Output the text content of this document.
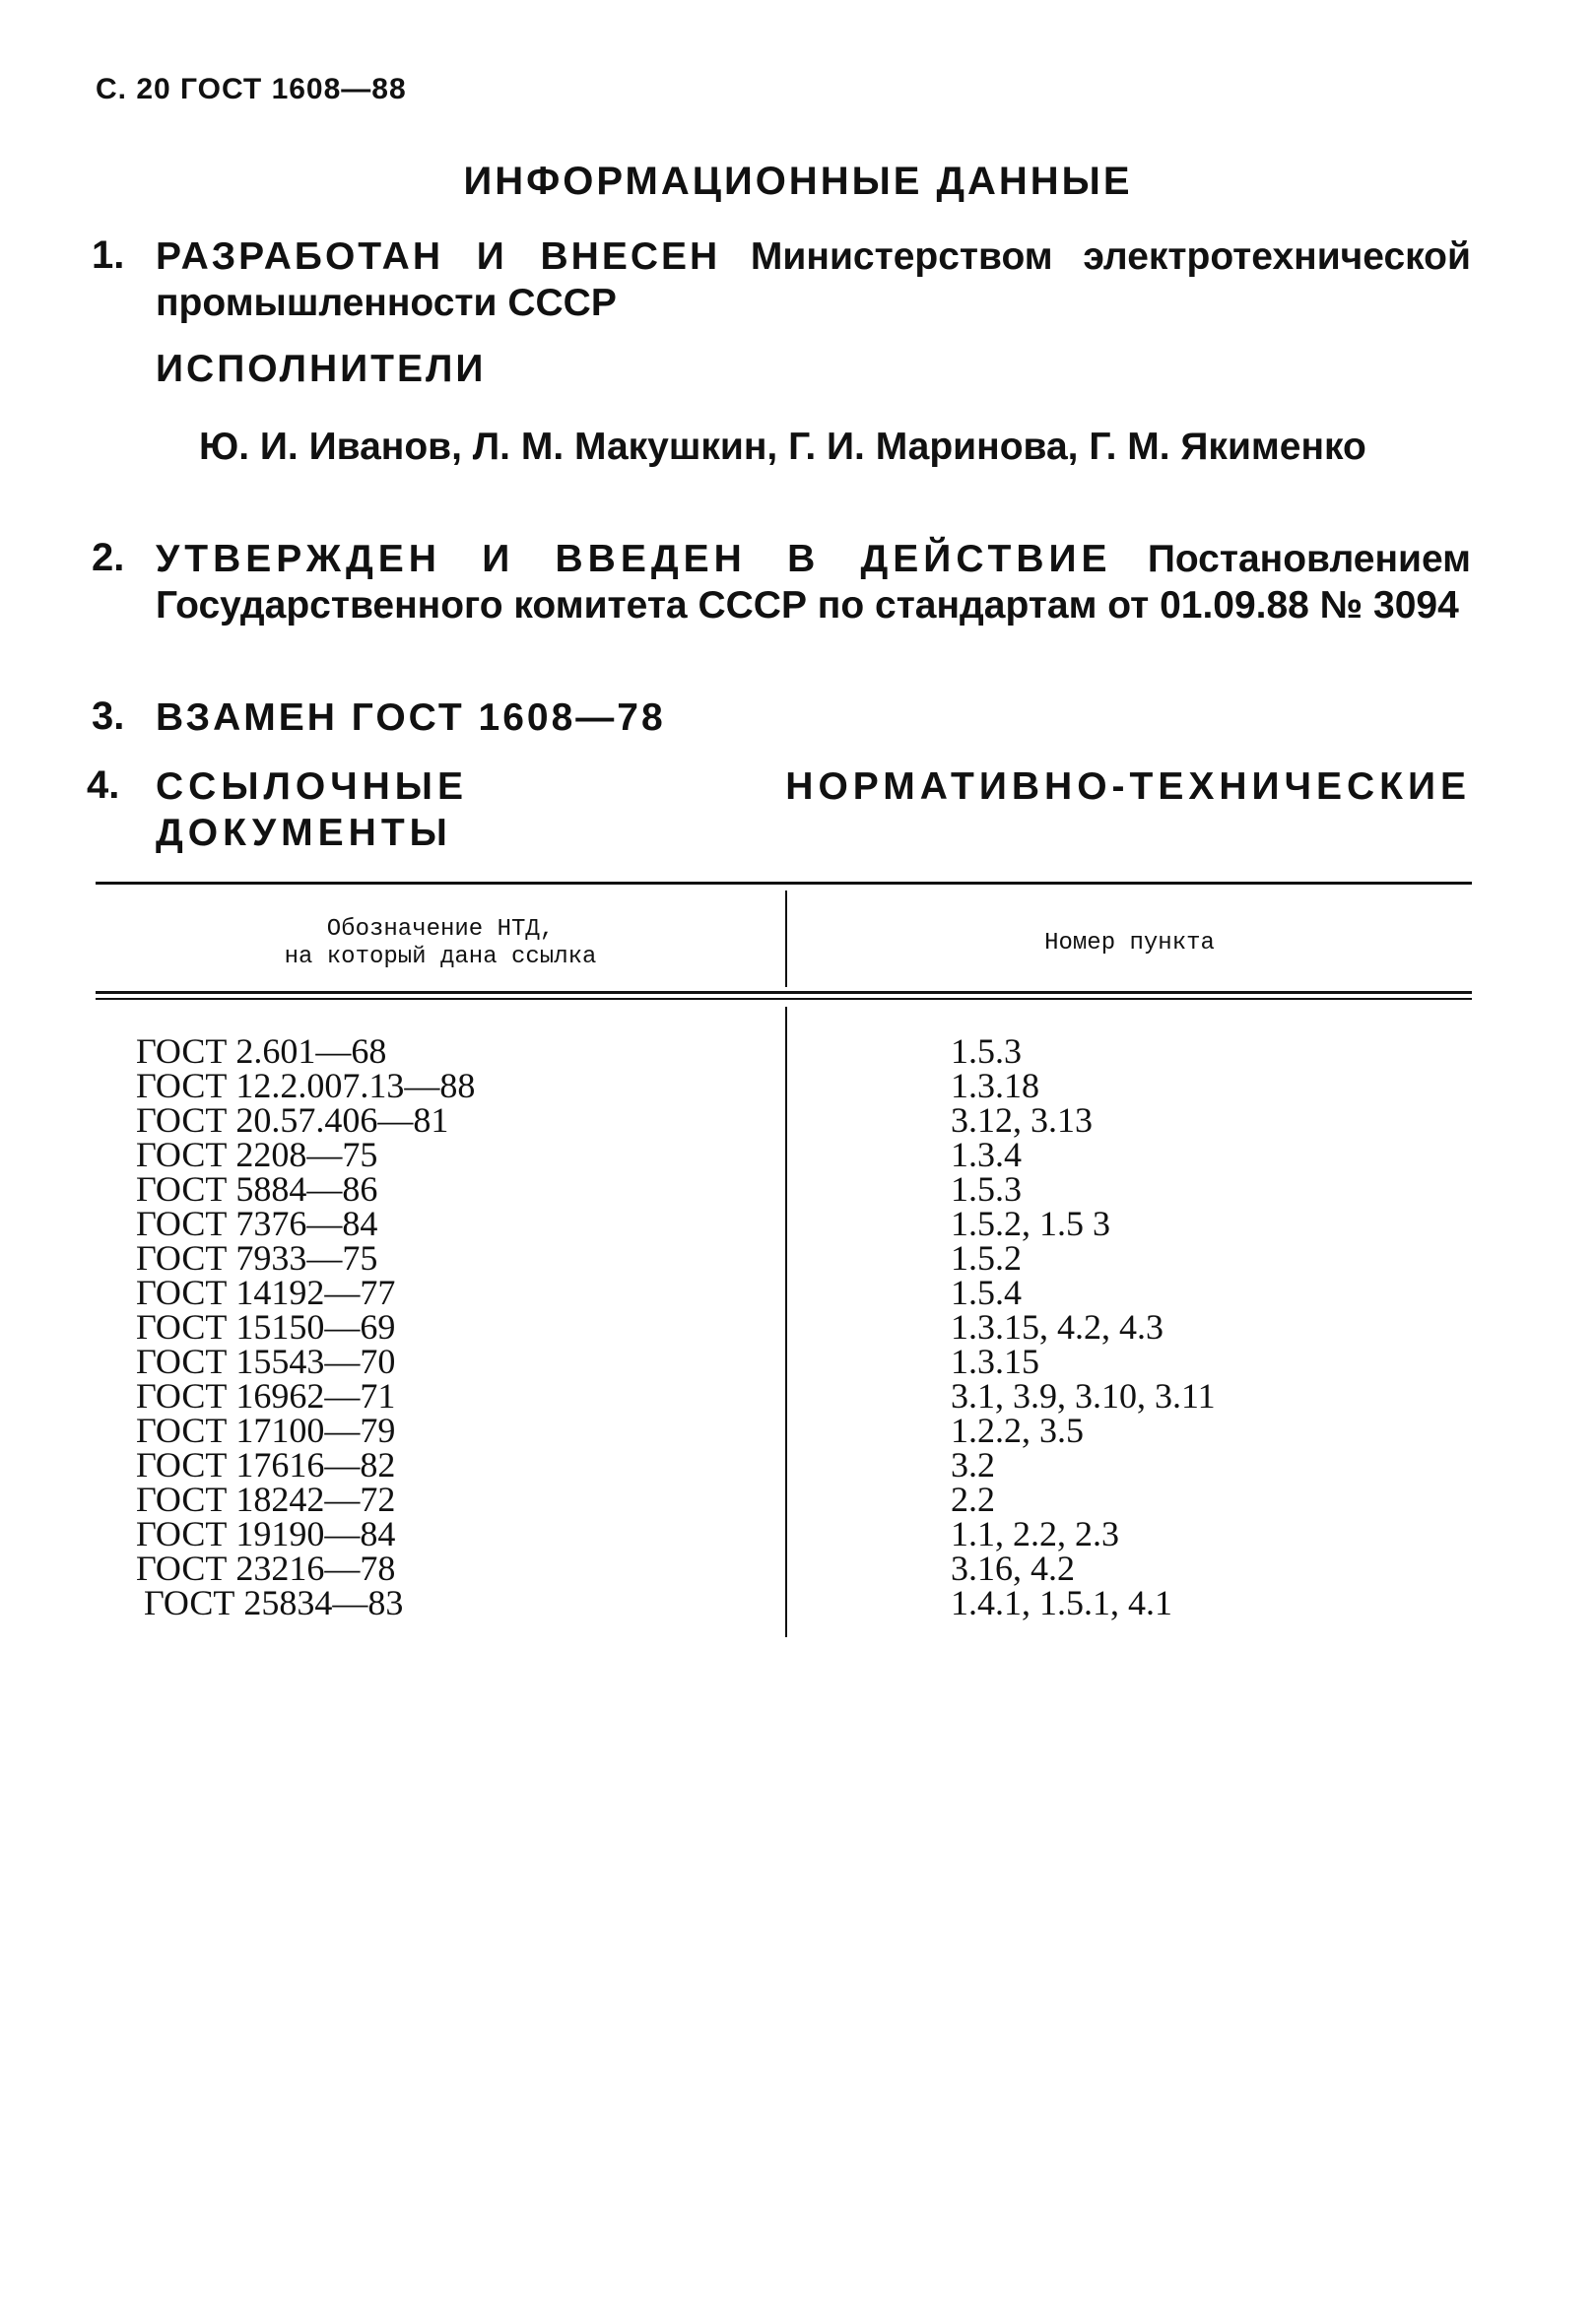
С. 20 ГОСТ 1608—88
ИНФОРМАЦИОННЫЕ ДАННЫЕ
1. РАЗРАБОТАН И ВНЕСЕН Министерством электротехнической промышленности СССР
ИСПОЛНИТЕЛИ
Ю. И. Иванов, Л. М. Макушкин, Г. И. Маринова, Г. М. Якименко
2. УТВЕРЖДЕН И ВВЕДЕН В ДЕЙСТВИЕ Постановлением Государственного комитета СССР по стандартам от 01.09.88 № 3094
3. ВЗАМЕН ГОСТ 1608—78
4. ССЫЛОЧНЫЕ НОРМАТИВНО-ТЕХНИЧЕСКИЕ ДОКУМЕНТЫ
Обозначение НТД,
на который дана ссылка
Номер пункта
ГОСТ 2.601—68
ГОСТ 12.2.007.13—88
ГОСТ 20.57.406—81
ГОСТ 2208—75
ГОСТ 5884—86
ГОСТ 7376—84
ГОСТ 7933—75
ГОСТ 14192—77
ГОСТ 15150—69
ГОСТ 15543—70
ГОСТ 16962—71
ГОСТ 17100—79
ГОСТ 17616—82
ГОСТ 18242—72
ГОСТ 19190—84
ГОСТ 23216—78
ГОСТ 25834—83
1.5.3
1.3.18
3.12, 3.13
1.3.4
1.5.3
1.5.2, 1.5 3
1.5.2
1.5.4
1.3.15, 4.2, 4.3
1.3.15
3.1, 3.9, 3.10, 3.11
1.2.2, 3.5
3.2
2.2
1.1, 2.2, 2.3
3.16, 4.2
1.4.1, 1.5.1, 4.1
